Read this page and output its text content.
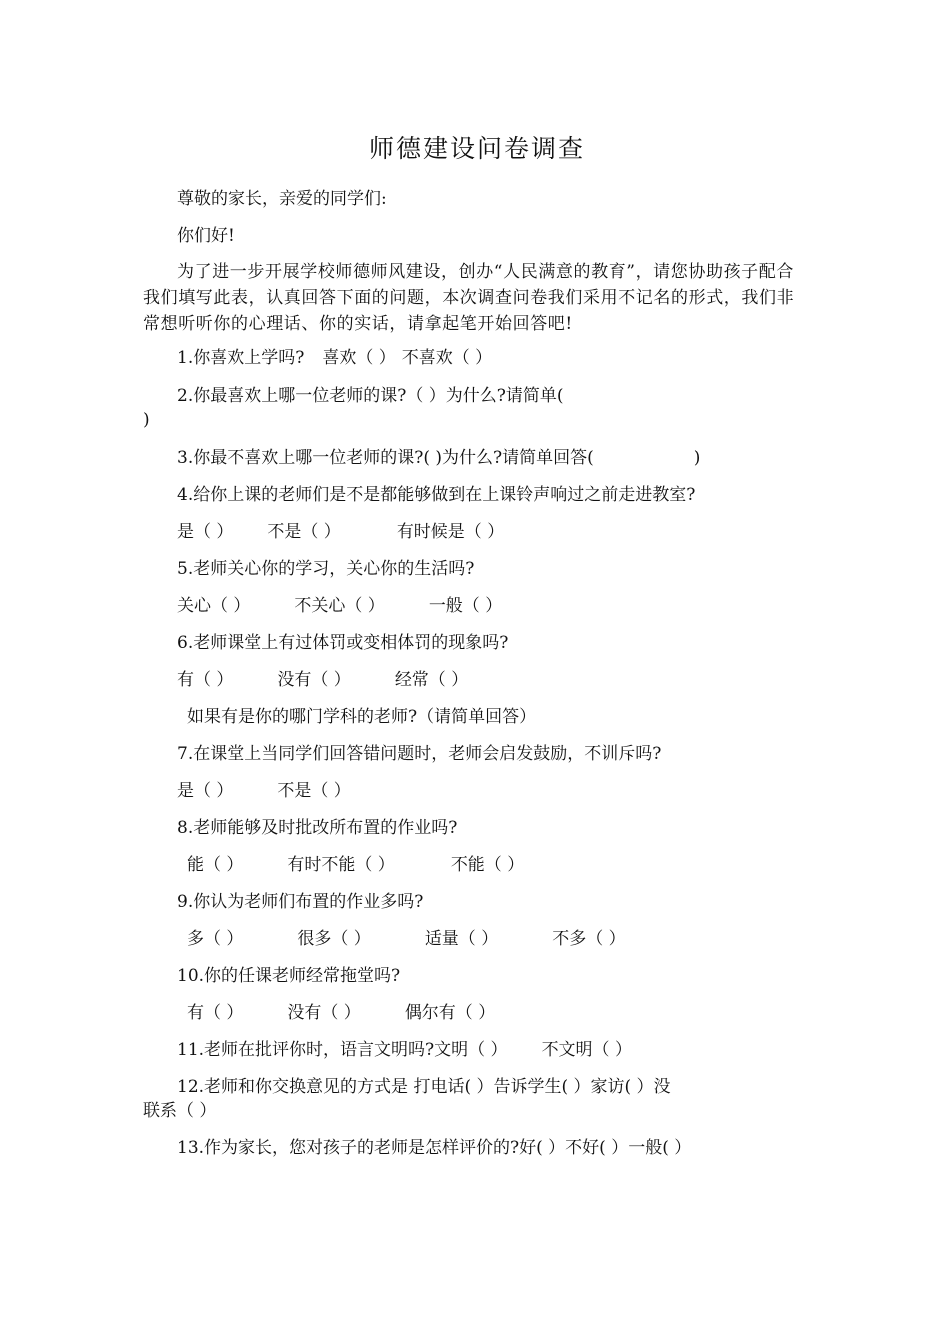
师德建设问卷调查
尊敬的家长，亲爱的同学们:
你们好!
为了进一步开展学校师德师风建设，创办“人民满意的教育”，请您协助孩子配合我们填写此表，认真回答下面的问题，本次调查问卷我们采用不记名的形式，我们非常想听听你的心理话、你的实话，请拿起笔开始回答吧!
1.你喜欢上学吗? 喜欢（ ） 不喜欢（ ）
2.你最喜欢上哪一位老师的课?（ ）为什么?请简单(
)
3.你最不喜欢上哪一位老师的课?( )为什么?请简单回答(	)
4.给你上课的老师们是不是都能够做到在上课铃声响过之前走进教室?
是（ ） 不是（ ）	有时候是（ ）
5.老师关心你的学习，关心你的生活吗?
关心（ ）	不关心（ ）	一般（ ）
6.老师课堂上有过体罚或变相体罚的现象吗?
有（ ）	没有（ ）	经常（ ）
如果有是你的哪门学科的老师?（请简单回答）
7.在课堂上当同学们回答错问题时，老师会启发鼓励，不训斥吗?
是（ ）	不是（ ）
8.老师能够及时批改所布置的作业吗?
能（ ）	有时不能（ ）	不能（ ）
9.你认为老师们布置的作业多吗?
多（ ）	很多（ ）	适量（ ）	不多（ ）
10.你的任课老师经常拖堂吗?
有（ ）	没有（ ）	偶尔有（ ）
11.老师在批评你时，语言文明吗?文明（ ） 不文明（ ）
12.老师和你交换意见的方式是 打电话( ）告诉学生( ）家访( ）没
联系（ ）
13.作为家长，您对孩子的老师是怎样评价的?好( ）不好( ）一般( ）
